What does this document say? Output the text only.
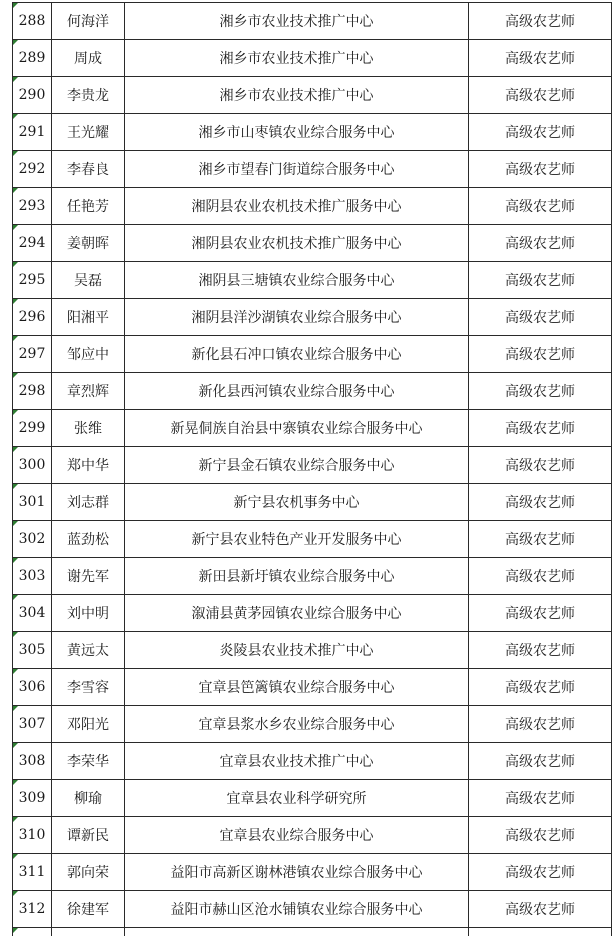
288	何海洋	湘乡市农业技术推广中心	高级农艺师
289	周成	湘乡市农业技术推广中心	高级农艺师
290	李贵龙	湘乡市农业技术推广中心	高级农艺师
291	王光耀	湘乡市山枣镇农业综合服务中心	高级农艺师
292	李春良	湘乡市望春门街道综合服务中心	高级农艺师
293	任艳芳	湘阴县农业农机技术推广服务中心	高级农艺师
294	姜朝晖	湘阴县农业农机技术推广服务中心	高级农艺师
295	吴磊	湘阴县三塘镇农业综合服务中心	高级农艺师
296	阳湘平	湘阴县洋沙湖镇农业综合服务中心	高级农艺师
297	邹应中	新化县石冲口镇农业综合服务中心	高级农艺师
298	章烈辉	新化县西河镇农业综合服务中心	高级农艺师
299	张维	新晃侗族自治县中寨镇农业综合服务中心	高级农艺师
300	郑中华	新宁县金石镇农业综合服务中心	高级农艺师
301	刘志群	新宁县农机事务中心	高级农艺师
302	蓝劲松	新宁县农业特色产业开发服务中心	高级农艺师
303	谢先军	新田县新圩镇农业综合服务中心	高级农艺师
304	刘中明	溆浦县黄茅园镇农业综合服务中心	高级农艺师
305	黄远太	炎陵县农业技术推广中心	高级农艺师
306	李雪容	宜章县笆篱镇农业综合服务中心	高级农艺师
307	邓阳光	宜章县浆水乡农业综合服务中心	高级农艺师
308	李荣华	宜章县农业技术推广中心	高级农艺师
309	柳瑜	宜章县农业科学研究所	高级农艺师
310	谭新民	宜章县农业综合服务中心	高级农艺师
311	郭向荣	益阳市高新区谢林港镇农业综合服务中心	高级农艺师
312	徐建军	益阳市赫山区沧水铺镇农业综合服务中心	高级农艺师
